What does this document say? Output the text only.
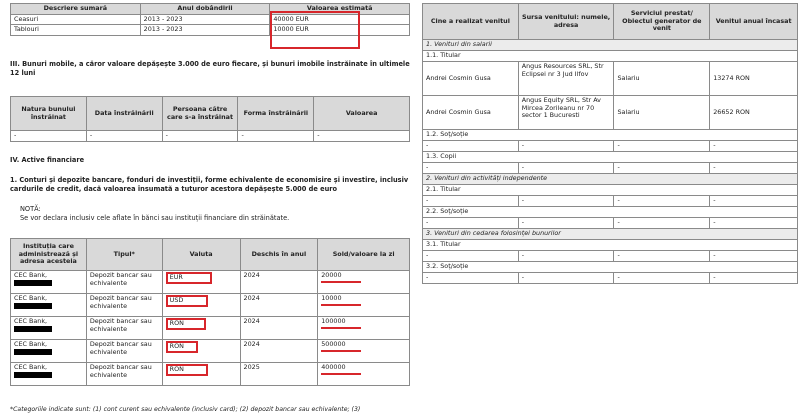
Descriere sumară	Anul dobândirii	Valoarea estimată
Ceasuri	2013 - 2023	40000 EUR
Tablouri	2013 - 2023	10000 EUR

III. Bunuri mobile, a căror valoare depășește 3.000 de euro fiecare, și bunuri imobile înstrăinate în ultimele 12 luni

Natura bunului înstrăinat	Data înstrăinării	Persoana către care s-a înstrăinat	Forma înstrăinării	Valoarea
-	-	-	-	-

IV. Active financiare

1. Conturi și depozite bancare, fonduri de investiții, forme echivalente de economisire și investire, inclusiv cardurile de credit, dacă valoarea însumată a tuturor acestora depășește 5.000 de euro

NOTĂ:

Se vor declara inclusiv cele aflate în bănci sau instituții financiare din străinătate.

Instituția care administrează și adresa acesteia	Tipul*	Valuta	Deschis în anul	Sold/valoare la zi
CEC Bank,	Depozit bancar sau echivalente	EUR	2024	20000
CEC Bank,	Depozit bancar sau echivalente	USD	2024	10000
CEC Bank,	Depozit bancar sau echivalente	RON	2024	100000
CEC Bank,	Depozit bancar sau echivalente	RON	2024	500000
CEC Bank,	Depozit bancar sau echivalente	RON	2025	400000

*Categoriile indicate sunt: (1) cont curent sau echivalente (inclusiv card); (2) depozit bancar sau echivalente; (3)

Cine a realizat venitul	Sursa venitului: numele, adresa	Serviciul prestat/ Obiectul generator de venit	Venitul anual încasat
1. Venituri din salarii			
1.1. Titular			
Andrei Cosmin Gusa	Angus Resources SRL, Str Eclipsei nr 3 Jud Ilfov	Salariu	13274 RON
Andrei Cosmin Gusa	Angus Equity SRL, Str Av Mircea Zorileanu nr 70 sector 1 Bucuresti	Salariu	26652 RON
1.2. Soț/soție			
-	-	-	-
1.3. Copii			
-	-	-	-
2. Venituri din activități independente			
2.1. Titular			
-	-	-	-
2.2. Soț/soție			
-	-	-	-
3. Venituri din cedarea folosinței bunurilor			
3.1. Titular			
-	-	-	-
3.2. Soț/soție			
-	-	-	-
